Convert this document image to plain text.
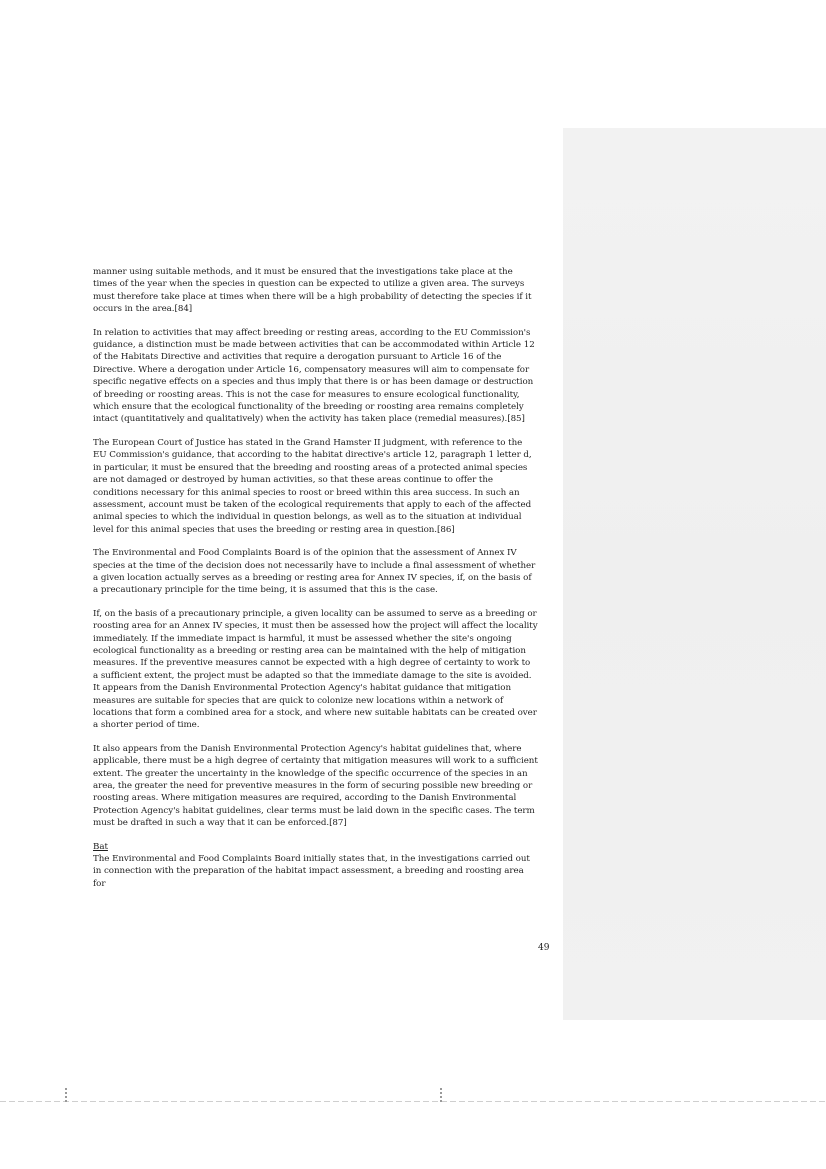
manner using suitable methods, and it must be ensured that the investigations take place at the times of the year when the species in question can be expected to utilize a given area. The surveys must therefore take place at times when there will be a high probability of detecting the species if it occurs in the area.[84]

In relation to activities that may affect breeding or resting areas, according to the EU Commission's guidance, a distinction must be made between activities that can be accommodated within Article 12 of the Habitats Directive and activities that require a derogation pursuant to Article 16 of the Directive. Where a derogation under Article 16, compensatory measures will aim to compensate for specific negative effects on a species and thus imply that there is or has been damage or destruction of breeding or roosting areas. This is not the case for measures to ensure ecological functionality, which ensure that the ecological functionality of the breeding or roosting area remains completely intact (quantitatively and qualitatively) when the activity has taken place (remedial measures).[85]

The European Court of Justice has stated in the Grand Hamster II judgment, with reference to the EU Commission's guidance, that according to the habitat directive's article 12, paragraph 1 letter d, in particular, it must be ensured that the breeding and roosting areas of a protected animal species are not damaged or destroyed by human activities, so that these areas continue to offer the conditions necessary for this animal species to roost or breed within this area success. In such an assessment, account must be taken of the ecological requirements that apply to each of the affected animal species to which the individual in question belongs, as well as to the situation at individual level for this animal species that uses the breeding or resting area in question.[86]

The Environmental and Food Complaints Board is of the opinion that the assessment of Annex IV species at the time of the decision does not necessarily have to include a final assessment of whether a given location actually serves as a breeding or resting area for Annex IV species, if, on the basis of a precautionary principle for the time being, it is assumed that this is the case.

If, on the basis of a precautionary principle, a given locality can be assumed to serve as a breeding or roosting area for an Annex IV species, it must then be assessed how the project will affect the locality immediately. If the immediate impact is harmful, it must be assessed whether the site's ongoing ecological functionality as a breeding or resting area can be maintained with the help of mitigation measures. If the preventive measures cannot be expected with a high degree of certainty to work to a sufficient extent, the project must be adapted so that the immediate damage to the site is avoided. It appears from the Danish Environmental Protection Agency's habitat guidance that mitigation measures are suitable for species that are quick to colonize new locations within a network of locations that form a combined area for a stock, and where new suitable habitats can be created over a shorter period of time.

It also appears from the Danish Environmental Protection Agency's habitat guidelines that, where applicable, there must be a high degree of certainty that mitigation measures will work to a sufficient extent. The greater the uncertainty in the knowledge of the specific occurrence of the species in an area, the greater the need for preventive measures in the form of securing possible new breeding or roosting areas. Where mitigation measures are required, according to the Danish Environmental Protection Agency's habitat guidelines, clear terms must be laid down in the specific cases. The term must be drafted in such a way that it can be enforced.[87]

Bat

The Environmental and Food Complaints Board initially states that, in the investigations carried out in connection with the preparation of the habitat impact assessment, a breeding and roosting area for

49
